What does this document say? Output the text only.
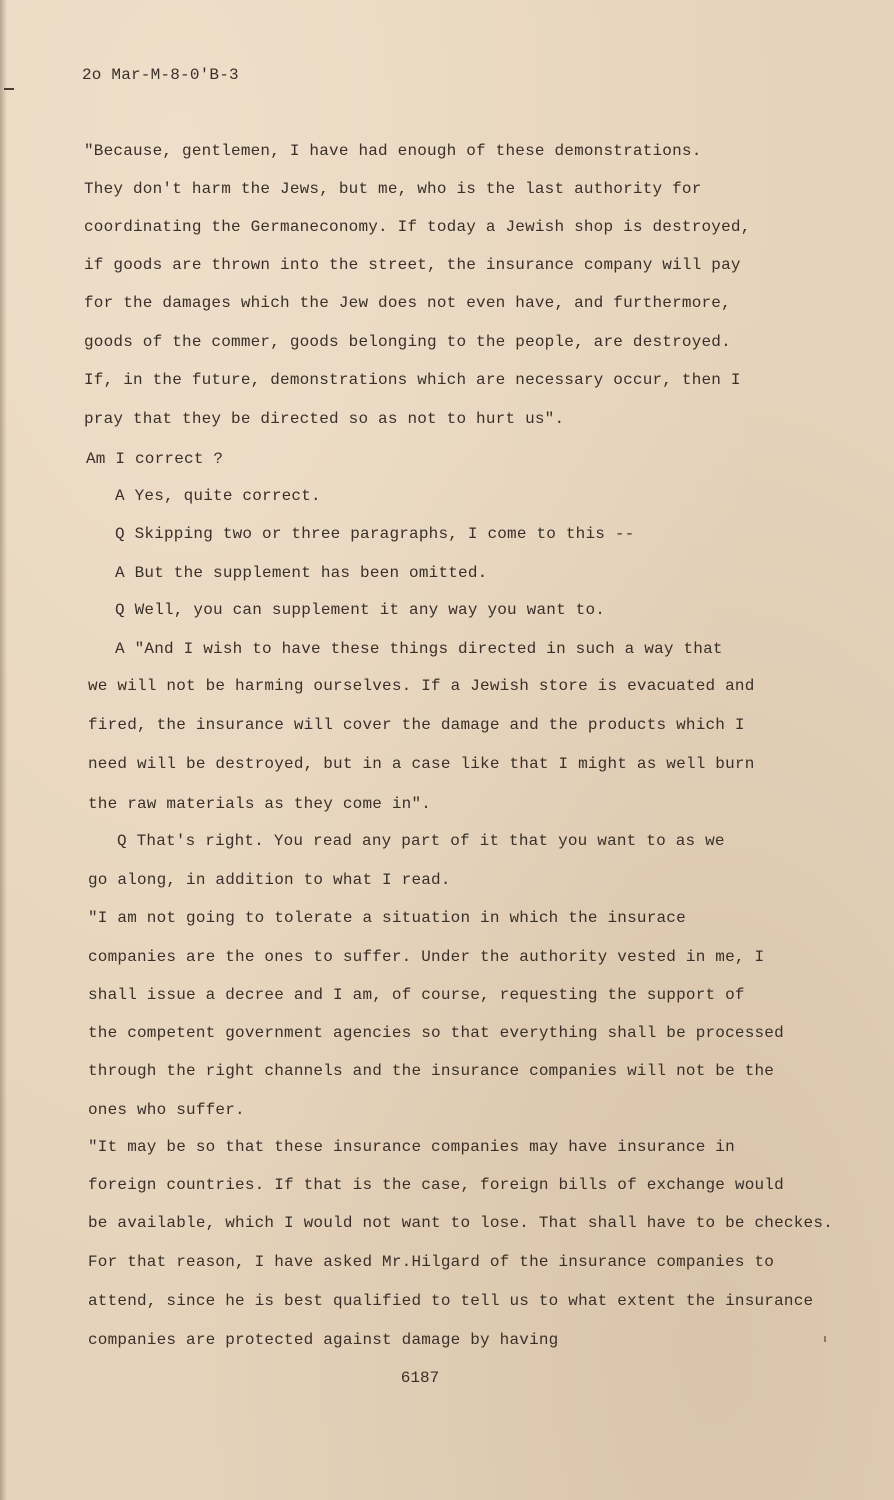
2o Mar-M-8-0'B-3
"Because, gentlemen, I have had enough of these demonstrations.
They don't harm the Jews, but me, who is the last authority for
coordinating the Germaneconomy. If today a Jewish shop is destroyed,
if goods are thrown into the street, the insurance company will pay
for the damages which the Jew does not even have, and furthermore,
goods of the commer, goods belonging to the people, are destroyed.
If, in the future, demonstrations which are necessary occur, then I
pray that they be directed so as not to hurt us".
Am I correct ?
A Yes, quite correct.
Q Skipping two or three paragraphs, I come to this --
A But the supplement has been omitted.
Q Well, you can supplement it any way you want to.
A "And I wish to have these things directed in such a way that
we will not be harming ourselves. If a Jewish store is evacuated and
fired, the insurance will cover the damage and the products which I
need will be destroyed, but in a case like that I might as well burn
the raw materials as they come in".
Q That's right. You read any part of it that you want to as we
go along, in addition to what I read.
"I am not going to tolerate a situation in which the insurace
companies are the ones to suffer. Under the authority vested in me, I
shall issue a decree and I am, of course, requesting the support of
the competent government agencies so that everything shall be processed
through the right channels and the insurance companies will not be the
ones who suffer.
"It may be so that these insurance companies may have insurance in
foreign countries. If that is the case, foreign bills of exchange would
be available, which I would not want to lose. That shall have to be checkes.
For that reason, I have asked Mr.Hilgard of the insurance companies to
attend, since he is best qualified to tell us to what extent the insurance
companies are protected against damage by having
6187
